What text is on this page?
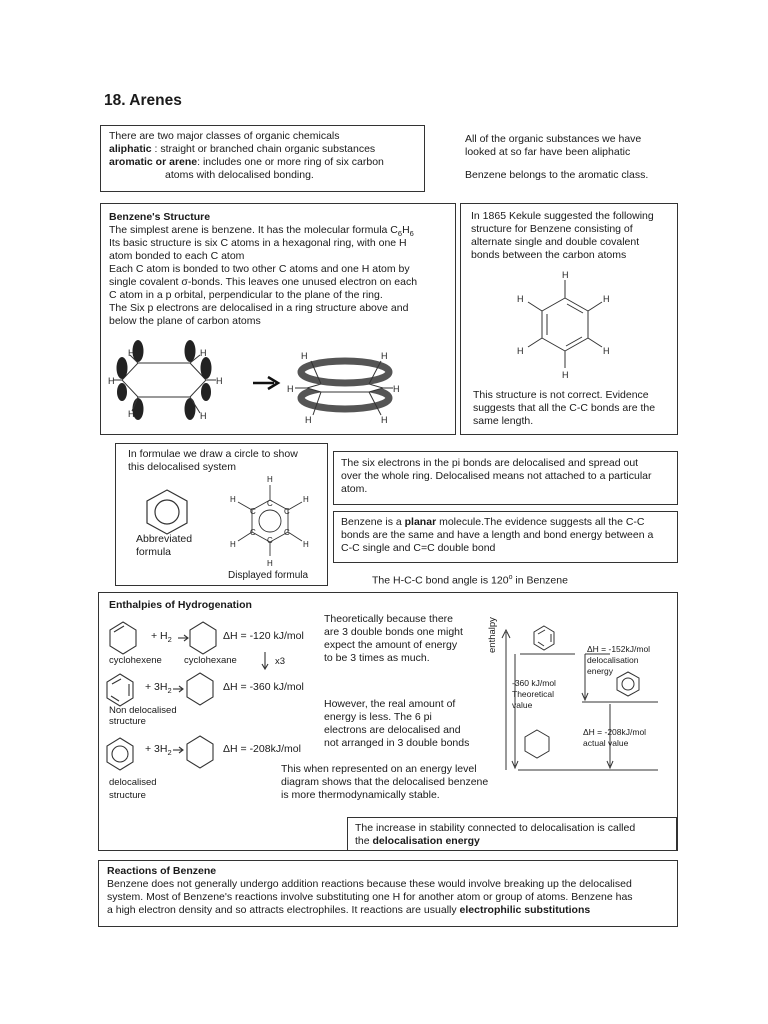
18. Arenes
There are two major classes of organic chemicals
aliphatic : straight or branched chain organic substances
aromatic or arene: includes one or more ring of six carbon
atoms with delocalised bonding.
All of the organic substances we have
looked at so far have been aliphatic
Benzene belongs to the aromatic class.
Benzene's Structure
The simplest arene is benzene. It has the molecular formula $C_6H_6$
Its basic structure is six C atoms in a hexagonal ring, with one H
atom bonded to each C atom
Each C atom is bonded to two other C atoms and one H atom by
single covalent σ-bonds. This leaves one unused electron on each
C atom in a p orbital, perpendicular to the plane of the ring.
The Six p electrons are delocalised in a ring structure above and
below the plane of carbon atoms
H	H
H	H
H	H
H	H
H	H
H	H
In 1865 Kekule suggested the following
structure for Benzene consisting of
alternate single and double covalent
bonds between the carbon atoms
This structure is not correct. Evidence
suggests that all the C-C bonds are the
same length.
H
H
H
H
H
H
In formulae we draw a circle to show
this delocalised system
Abbreviated
formula
Displayed formula
H
H
H
H
H
H	C
C
C
C
C
C
The six electrons in the pi bonds are delocalised and spread out
over the whole ring. Delocalised means not attached to a particular
atom.
Benzene is a planar molecule.The evidence suggests all the C-C
bonds are the same and have a length and bond energy between a
C-C single and C=C double bond
The H-C-C bond angle is 120$^o$ in Benzene
Enthalpies of Hydrogenation
+ $H_2$	ΔH = -120 kJ/mol
cyclohexene cyclohexane	x3
+ $3H_2$	ΔH = -360 kJ/mol
Non delocalised
structure
+ $3H_2$	ΔH = -208kJ/mol
delocalised
structure
Theoretically because there
are 3 double bonds one might
expect the amount of energy
to be 3 times as much.
However, the real amount of
energy is less. The 6 pi
electrons are delocalised and
not arranged in 3 double bonds
This when represented on an energy level
diagram shows that the delocalised benzene
is more thermodynamically stable.
enthalpy
-360 kJ/mol
Theoretical
value
ΔH = -152kJ/mol
delocalisation
energy
ΔH = -208kJ/mol
actual value
The increase in stability connected to delocalisation is called
the delocalisation energy
Reactions of Benzene
Benzene does not generally undergo addition reactions because these would involve breaking up the delocalised
system. Most of Benzene's reactions involve substituting one H for another atom or group of atoms. Benzene has
a high electron density and so attracts electrophiles. It reactions are usually electrophilic substitutions
